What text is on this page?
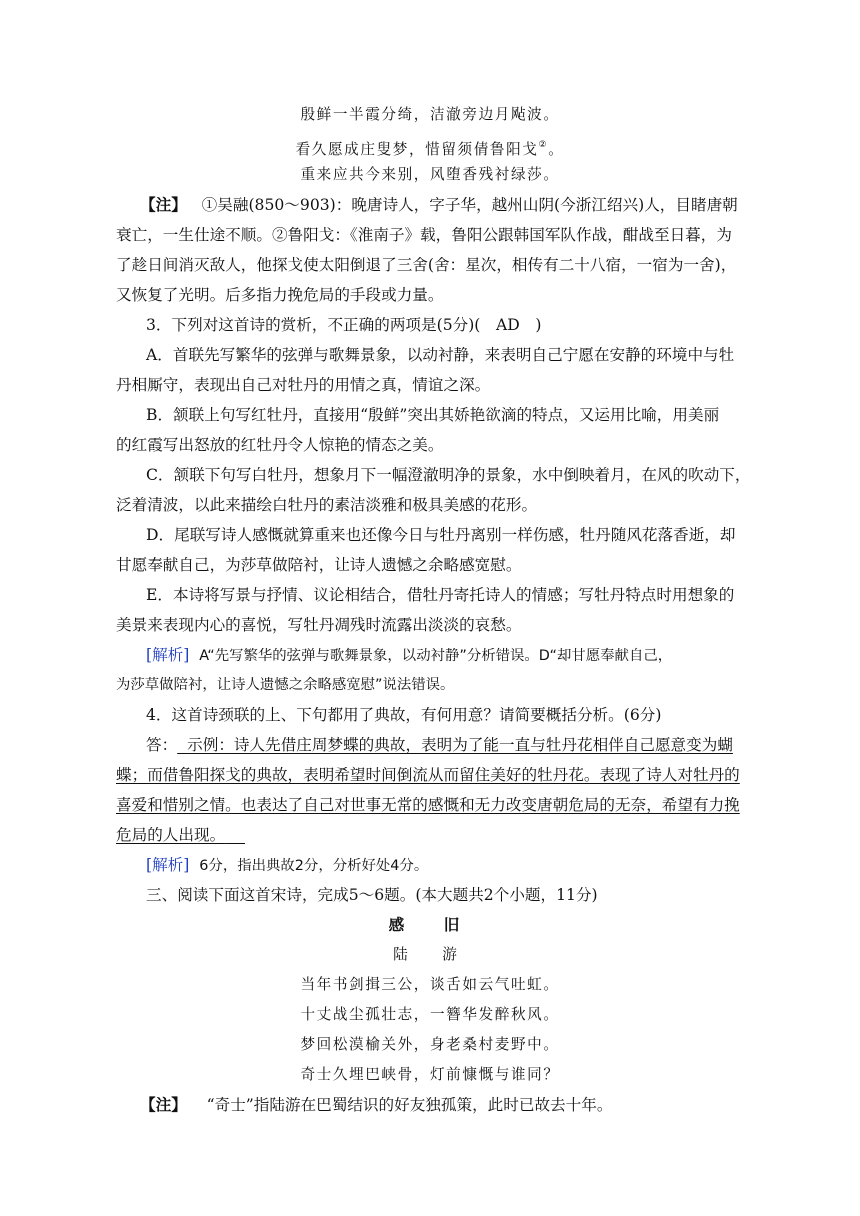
殷鲜一半霞分绮，洁澈旁边月飐波。
看久愿成庄叟梦，惜留须倩鲁阳戈②。
重来应共今来别，风堕香残衬绿莎。
【注】 ①吴融(850～903)：晚唐诗人，字子华，越州山阴(今浙江绍兴)人，目睹唐朝
衰亡，一生仕途不顺。②鲁阳戈：《淮南子》载，鲁阳公跟韩国军队作战，酣战至日暮，为
了趁日间消灭敌人，他探戈使太阳倒退了三舍(舍：星次，相传有二十八宿，一宿为一舍)，
又恢复了光明。后多指力挽危局的手段或力量。
3．下列对这首诗的赏析，不正确的两项是(5分)(　AD　)
A．首联先写繁华的弦弹与歌舞景象，以动衬静，来表明自己宁愿在安静的环境中与牡
丹相厮守，表现出自己对牡丹的用情之真，情谊之深。
B．颔联上句写红牡丹，直接用“殷鲜”突出其娇艳欲滴的特点，又运用比喻，用美丽
的红霞写出怒放的红牡丹令人惊艳的情态之美。
C．颔联下句写白牡丹，想象月下一幅澄澈明净的景象，水中倒映着月，在风的吹动下，
泛着清波，以此来描绘白牡丹的素洁淡雅和极具美感的花形。
D．尾联写诗人感慨就算重来也还像今日与牡丹离别一样伤感，牡丹随风花落香逝，却
甘愿奉献自己，为莎草做陪衬，让诗人遗憾之余略感宽慰。
E．本诗将写景与抒情、议论相结合，借牡丹寄托诗人的情感；写牡丹特点时用想象的
美景来表现内心的喜悦，写牡丹凋残时流露出淡淡的哀愁。
[解析] A“先写繁华的弦弹与歌舞景象，以动衬静”分析错误。D“却甘愿奉献自己，
为莎草做陪衬，让诗人遗憾之余略感宽慰”说法错误。
4．这首诗颈联的上、下句都用了典故，有何用意？请简要概括分析。(6分)
答： 示例：诗人先借庄周梦蝶的典故，表明为了能一直与牡丹花相伴自己愿意变为蝴
蝶；而借鲁阳探戈的典故，表明希望时间倒流从而留住美好的牡丹花。表现了诗人对牡丹的
喜爱和惜别之情。也表达了自己对世事无常的感慨和无力改变唐朝危局的无奈，希望有力挽
危局的人出现。
[解析] 6分，指出典故2分，分析好处4分。
三、阅读下面这首宋诗，完成5～6题。(本大题共2个小题，11分)
感　旧
陆　游
当年书剑揖三公，谈舌如云气吐虹。
十丈战尘孤壮志，一簪华发醉秋风。
梦回松漠榆关外，身老桑村麦野中。
奇士久埋巴峡骨，灯前慷慨与谁同？
【注】 “奇士”指陆游在巴蜀结识的好友独孤策，此时已故去十年。
